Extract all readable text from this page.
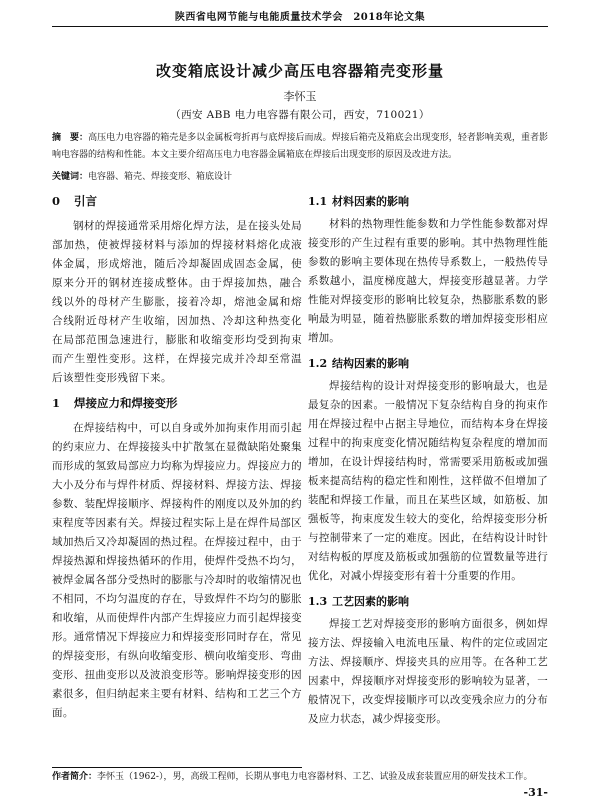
陕西省电网节能与电能质量技术学会　2018年论文集
改变箱底设计减少高压电容器箱壳变形量
李怀玉
（西安 ABB 电力电容器有限公司，西安，710021）
摘　要：高压电力电容器的箱壳是多以金属板弯折再与底焊接后而成。焊接后箱壳及箱底会出现变形，轻者影响美观，重者影响电容器的结构和性能。本文主要介绍高压电力电容器金属箱底在焊接后出现变形的原因及改进方法。
关键词：电容器、箱壳、焊接变形、箱底设计
0 引言

钢材的焊接通常采用熔化焊方法，是在接头处局部加热，使被焊接材料与添加的焊接材料熔化成液体金属，形成熔池，随后冷却凝固成固态金属，使原来分开的钢材连接成整体。由于焊接加热，融合线以外的母材产生膨胀，接着冷却，熔池金属和熔合线附近母材产生收缩，因加热、冷却这种热变化在局部范围急速进行，膨胀和收缩变形均受到拘束而产生塑性变形。这样，在焊接完成并冷却至常温后该塑性变形残留下来。

1 焊接应力和焊接变形

在焊接结构中，可以自身或外加拘束作用而引起的约束应力、在焊接接头中扩散氢在显微缺陷处聚集而形成的氢致局部应力均称为焊接应力。焊接应力的大小及分布与焊件材质、焊接材料、焊接方法、焊接参数、装配焊接顺序、焊接构件的刚度以及外加的约束程度等因素有关。焊接过程实际上是在焊件局部区域加热后又冷却凝固的热过程。在焊接过程中，由于焊接热源和焊接热循环的作用，使焊件受热不均匀，被焊金属各部分受热时的膨胀与冷却时的收缩情况也不相同，不均匀温度的存在，导致焊件不均匀的膨胀和收缩，从而使焊件内部产生焊接应力而引起焊接变形。通常情况下焊接应力和焊接变形同时存在，常见的焊接变形，有纵向收缩变形、横向收缩变形、弯曲变形、扭曲变形以及波浪变形等。影响焊接变形的因素很多，但归纳起来主要有材料、结构和工艺三个方面。

1.1 材料因素的影响

材料的热物理性能参数和力学性能参数都对焊接变形的产生过程有重要的影响。其中热物理性能参数的影响主要体现在热传导系数上，一般热传导系数越小，温度梯度越大，焊接变形越显著。力学性能对焊接变形的影响比较复杂，热膨胀系数的影响最为明显，随着热膨胀系数的增加焊接变形相应增加。

1.2 结构因素的影响

焊接结构的设计对焊接变形的影响最大，也是最复杂的因素。一般情况下复杂结构自身的拘束作用在焊接过程中占据主导地位，而结构本身在焊接过程中的拘束度变化情况随结构复杂程度的增加而增加，在设计焊接结构时，常需要采用筋板或加强板来提高结构的稳定性和刚性，这样做不但增加了装配和焊接工作量，而且在某些区域，如筋板、加强板等，拘束度发生较大的变化，给焊接变形分析与控制带来了一定的难度。因此，在结构设计时针对结构板的厚度及筋板或加强筋的位置数量等进行优化，对减小焊接变形有着十分重要的作用。

1.3 工艺因素的影响

焊接工艺对焊接变形的影响方面很多，例如焊接方法、焊接输入电流电压量、构件的定位或固定方法、焊接顺序、焊接夹具的应用等。在各种工艺因素中，焊接顺序对焊接变形的影响较为显著，一般情况下，改变焊接顺序可以改变残余应力的分布及应力状态，减少焊接变形。

作者简介：李怀玉（1962-），男，高级工程师，长期从事电力电容器材料、工艺、试验及成套装置应用的研发技术工作。
-31-
